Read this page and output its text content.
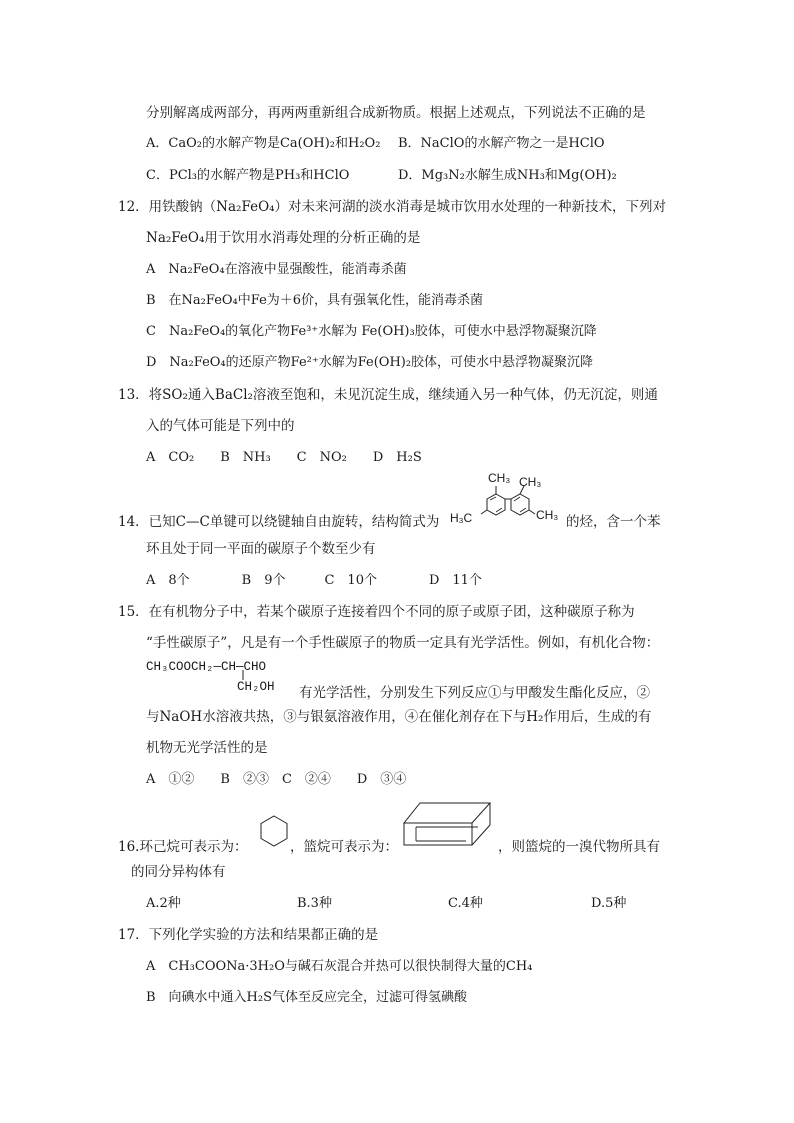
分别解离成两部分，再两两重新组合成新物质。根据上述观点，下列说法不正确的是
A．CaO₂的水解产物是Ca(OH)₂和H₂O₂ B．NaClO的水解产物之一是HClO
C．PCl₃的水解产物是PH₃和HClO	D．Mg₃N₂水解生成NH₃和Mg(OH)₂
12．用铁酸钠（Na₂FeO₄）对未来河湖的淡水消毒是城市饮用水处理的一种新技术，下列对
Na₂FeO₄用于饮用水消毒处理的分析正确的是
A　Na₂FeO₄在溶液中显强酸性，能消毒杀菌
B　在Na₂FeO₄中Fe为＋6价，具有强氧化性，能消毒杀菌
C　Na₂FeO₄的氧化产物Fe³⁺水解为 Fe(OH)₃胶体，可使水中悬浮物凝聚沉降
D　Na₂FeO₄的还原产物Fe²⁺水解为Fe(OH)₂胶体，可使水中悬浮物凝聚沉降
13．将SO₂通入BaCl₂溶液至饱和，未见沉淀生成，继续通入另一种气体，仍无沉淀，则通
入的气体可能是下列中的
A　CO₂　　B　NH₃　　C　NO₂　　D　H₂S
14．已知C—C单键可以绕键轴自由旋转，结构简式为
CH₃ CH₃
H₃C	CH₃ 的烃，含一个苯
环且处于同一平面的碳原子个数至少有
A　8个　　　　B　9个　　　C　10个　　　　D　11个
15．在有机物分子中，若某个碳原子连接着四个不同的原子或原子团，这种碳原子称为
“手性碳原子”，凡是有一个手性碳原子的物质一定具有光学活性。例如，有机化合物：
CH₃COOCH₂—CH—CHO
CH₂OH 有光学活性，分别发生下列反应①与甲酸发生酯化反应，②
与NaOH水溶液共热，③与银氨溶液作用，④在催化剂存在下与H₂作用后，生成的有
机物无光学活性的是
A　①②　　B　②③　C　②④　　D　③④
16.环己烷可表示为：	，篮烷可表示为：	，则篮烷的一溴代物所具有
的同分异构体有
A.2种	B.3种	C.4种	D.5种
17．下列化学实验的方法和结果都正确的是
A　CH₃COONa·3H₂O与碱石灰混合并热可以很快制得大量的CH₄
B　向碘水中通入H₂S气体至反应完全，过滤可得氢碘酸
